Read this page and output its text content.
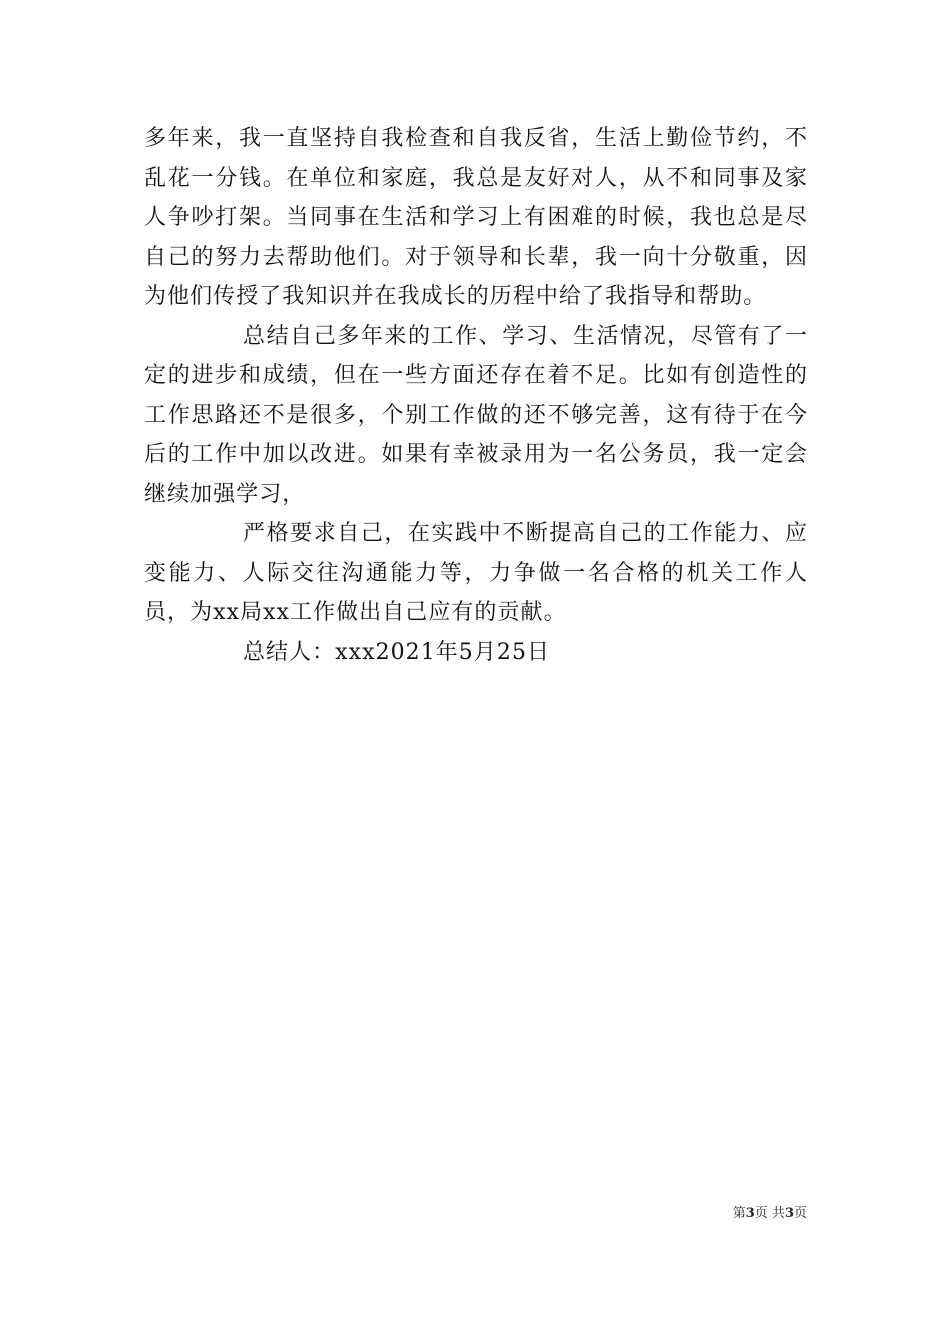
多年来，我一直坚持自我检查和自我反省，生活上勤俭节约，不乱花一分钱。在单位和家庭，我总是友好对人，从不和同事及家人争吵打架。当同事在生活和学习上有困难的时候，我也总是尽自己的努力去帮助他们。对于领导和长辈，我一向十分敬重，因为他们传授了我知识并在我成长的历程中给了我指导和帮助。

总结自己多年来的工作、学习、生活情况，尽管有了一定的进步和成绩，但在一些方面还存在着不足。比如有创造性的工作思路还不是很多，个别工作做的还不够完善，这有待于在今后的工作中加以改进。如果有幸被录用为一名公务员，我一定会继续加强学习，

严格要求自己，在实践中不断提高自己的工作能力、应变能力、人际交往沟通能力等，力争做一名合格的机关工作人员，为xx局xx工作做出自己应有的贡献。

总结人：xxx2021年5月25日

第3页 共3页
